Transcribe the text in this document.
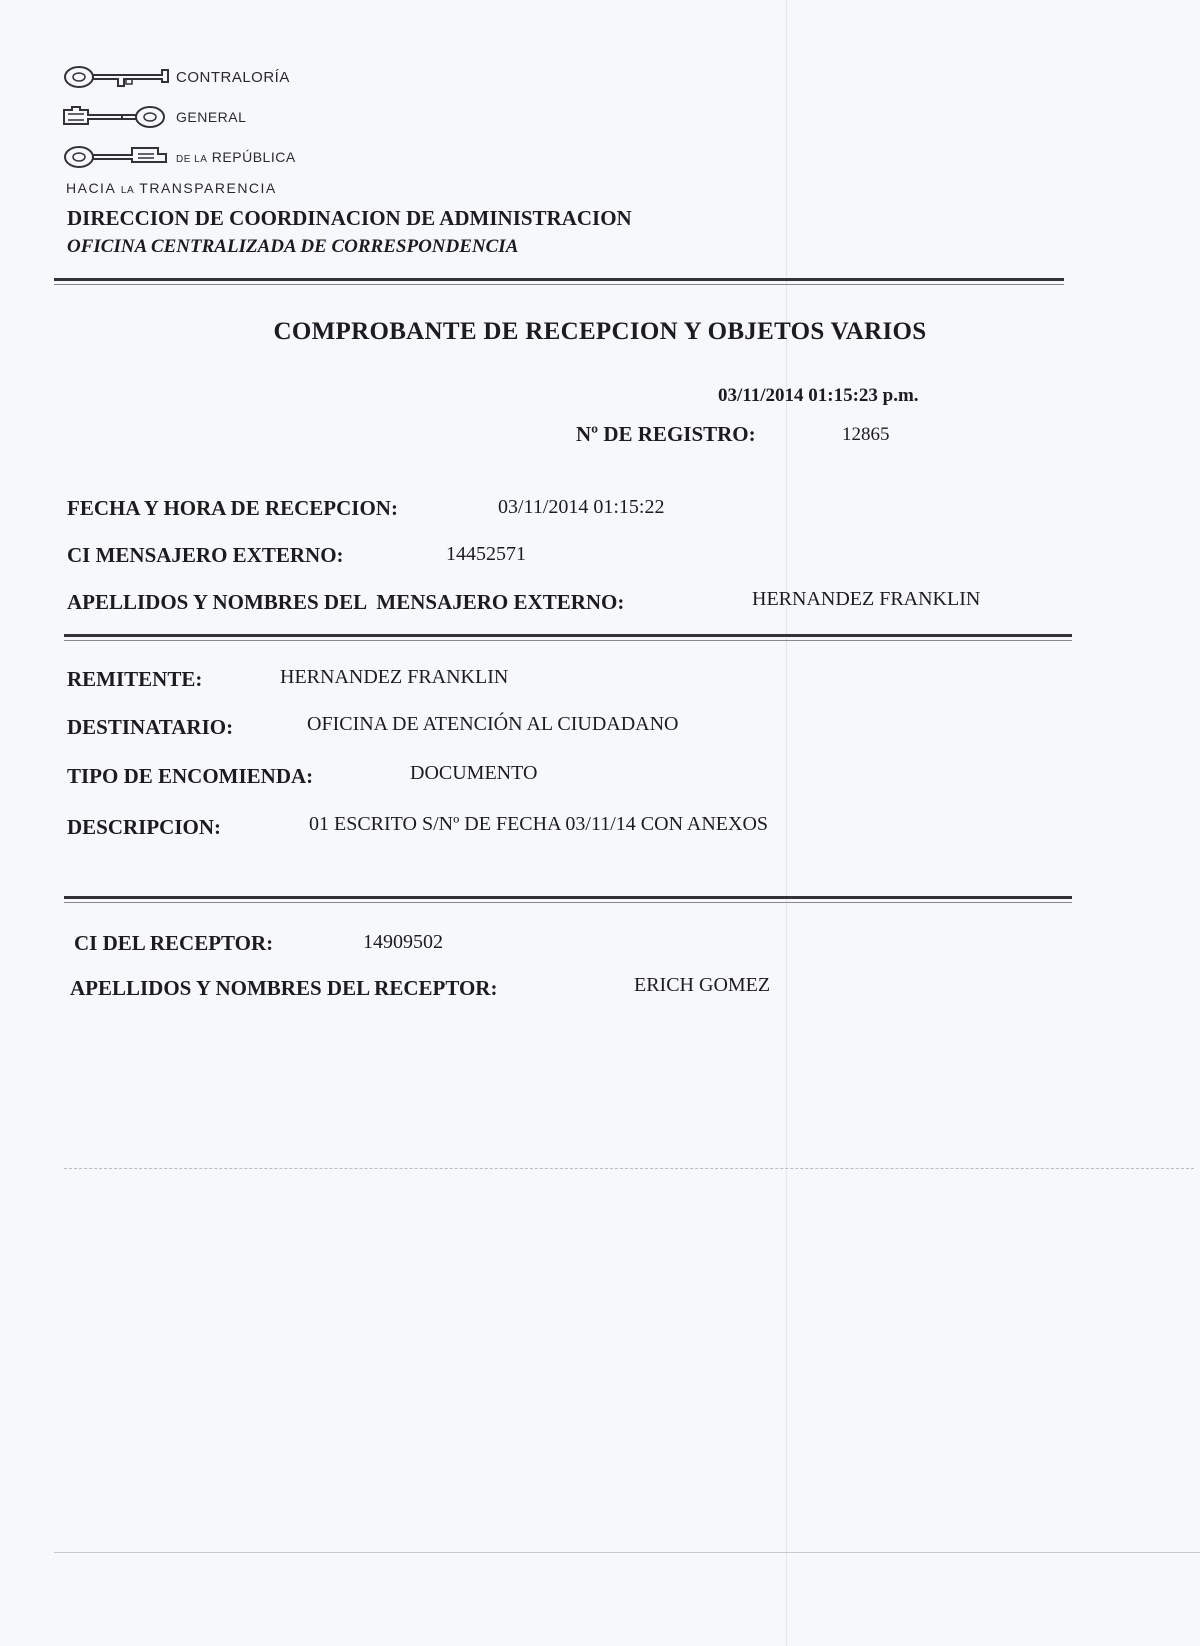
CONTRALORÍA
GENERAL
DE LA REPÚBLICA
HACIA LA TRANSPARENCIA
DIRECCION DE COORDINACION DE ADMINISTRACION
OFICINA CENTRALIZADA DE CORRESPONDENCIA
COMPROBANTE DE RECEPCION Y OBJETOS VARIOS
03/11/2014 01:15:23 p.m.
Nº DE REGISTRO:	12865
FECHA Y HORA DE RECEPCION:	03/11/2014 01:15:22
CI MENSAJERO EXTERNO:	14452571
APELLIDOS Y NOMBRES DEL  MENSAJERO EXTERNO:	HERNANDEZ FRANKLIN
REMITENTE:	HERNANDEZ FRANKLIN
DESTINATARIO:	OFICINA DE ATENCIÓN AL CIUDADANO
TIPO DE ENCOMIENDA:	DOCUMENTO
DESCRIPCION:	01 ESCRITO S/Nº DE FECHA 03/11/14 CON ANEXOS
CI DEL RECEPTOR:	14909502
APELLIDOS Y NOMBRES DEL RECEPTOR:	ERICH GOMEZ
